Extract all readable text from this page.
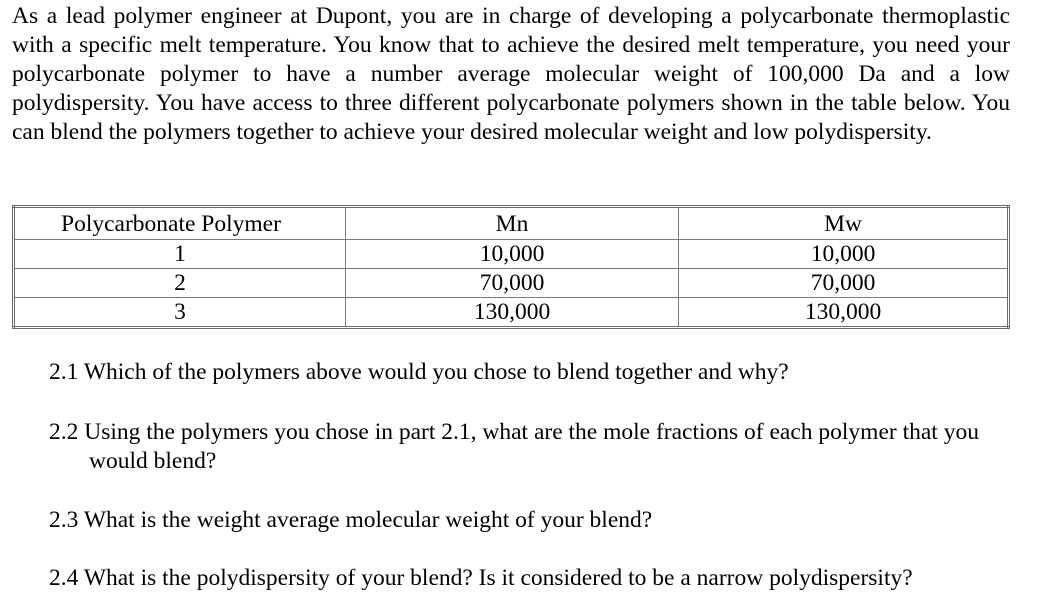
As a lead polymer engineer at Dupont, you are in charge of developing a polycarbonate thermoplastic with a specific melt temperature. You know that to achieve the desired melt temperature, you need your polycarbonate polymer to have a number average molecular weight of 100,000 Da and a low polydispersity. You have access to three different polycarbonate polymers shown in the table below. You can blend the polymers together to achieve your desired molecular weight and low polydispersity.

Polycarbonate Polymer	Mn	Mw
1	10,000	10,000
2	70,000	70,000
3	130,000	130,000

2.1 Which of the polymers above would you chose to blend together and why?

2.2 Using the polymers you chose in part 2.1, what are the mole fractions of each polymer that you would blend?

2.3 What is the weight average molecular weight of your blend?

2.4 What is the polydispersity of your blend? Is it considered to be a narrow polydispersity?
